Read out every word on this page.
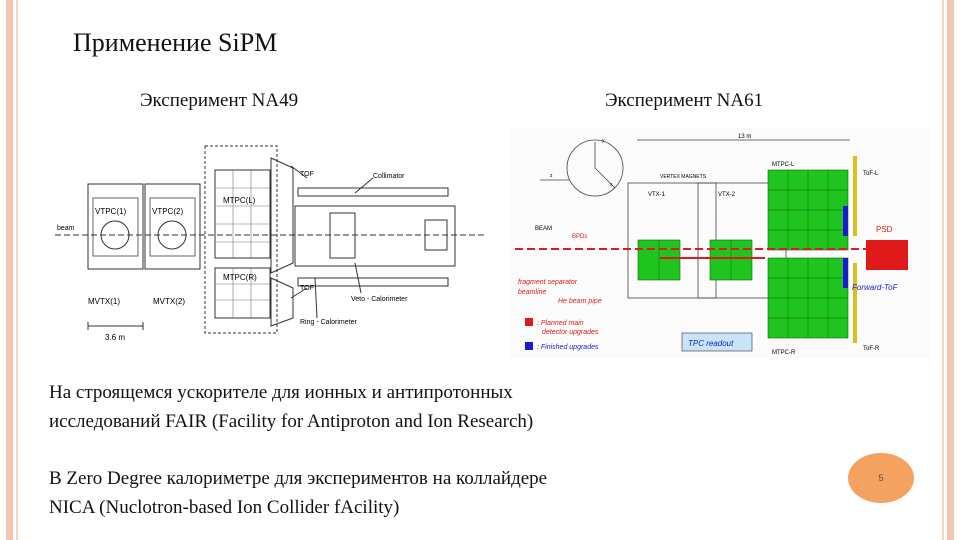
Применение SiPM
Эксперимент NA49	Эксперимент NA61
beam
VTPC(1)	VTPC(2)
MTPC(L)
MTPC(R)
TOF
TOF
Collimator
Veto - Calorimeter
Ring - Calorimeter
MVTX(1)	MVTX(2)
3.6 m
y
z
x
13 m
VERTEX MAGNETS
VTX-1	VTX-2
MTPC-L
MTPC-R
ToF-L
ToF-R
PSD
Forward-ToF
BEAM
BPDs
fragment separator
beamline
He beam pipe
: Planned main
detector upgrades
: Finished upgrades	TPC readout
На строящемся ускорителе для ионных и антипротонных
исследований FAIR (Facility for Antiproton and Ion Research)
В Zero Degree калориметре для экспериментов на коллайдере
NICA (Nuclotron-based Ion Collider fAcility)
5
